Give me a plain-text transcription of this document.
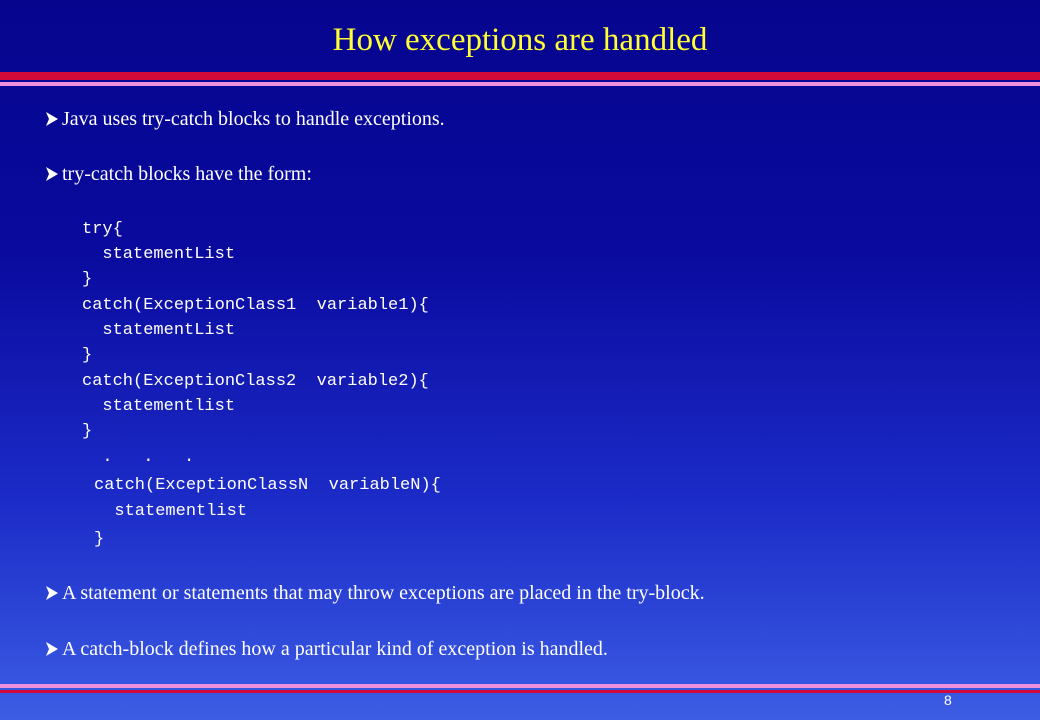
How exceptions are handled
Java uses try-catch blocks to handle exceptions.
try-catch blocks have the form:
try{
statementList
}
catch(ExceptionClass1  variable1){
statementList
}
catch(ExceptionClass2  variable2){
statementlist
}
.   .   .
catch(ExceptionClassN  variableN){
statementlist
}
A statement or statements that may throw exceptions are placed in the try-block.
A catch-block defines how a particular kind of exception is handled.
8
